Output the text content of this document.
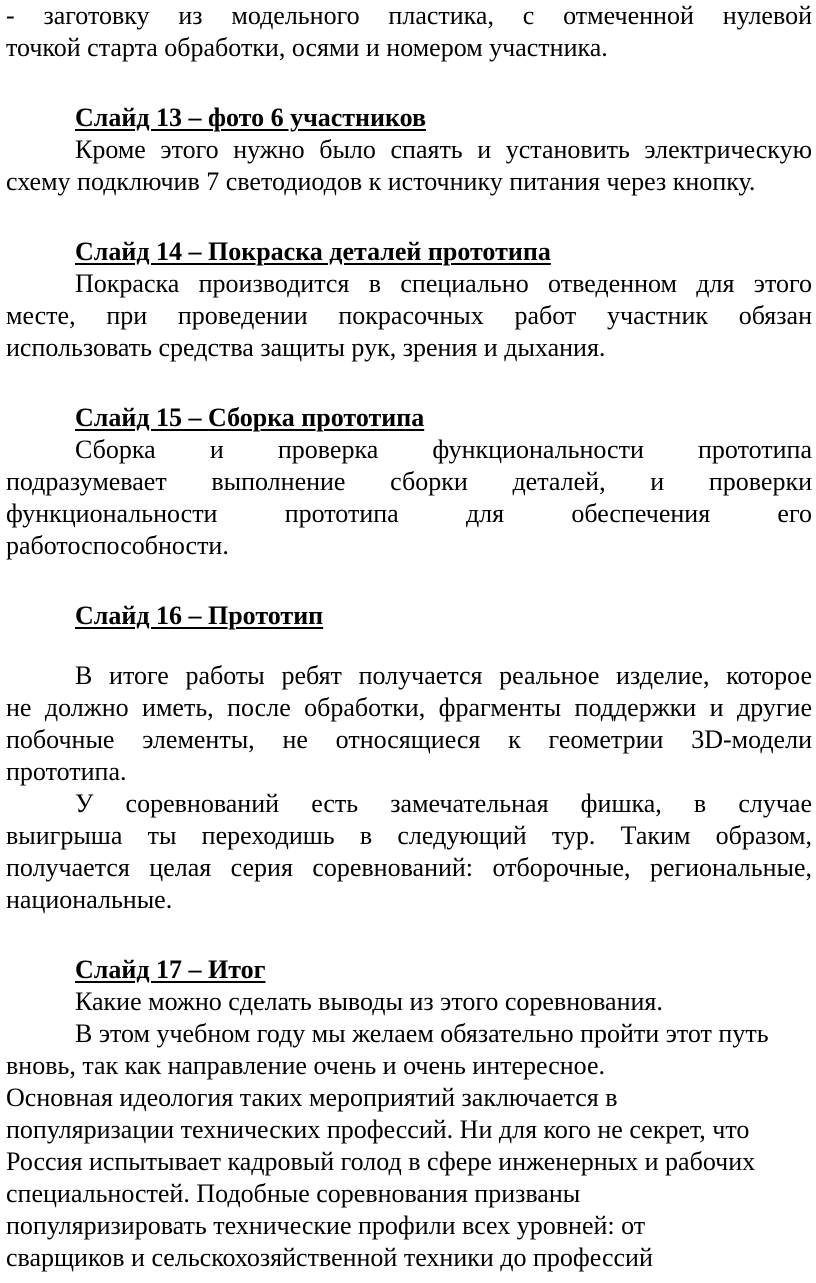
- заготовку из модельного пластика, с отмеченной нулевой
точкой старта обработки, осями и номером участника.
Слайд 13 – фото 6 участников
Кроме этого нужно было спаять и установить электрическую
схему подключив 7 светодиодов к источнику питания через кнопку.
Слайд 14 – Покраска деталей прототипа
Покраска производится в специально отведенном для этого
месте, при проведении покрасочных работ участник обязан
использовать средства защиты рук, зрения и дыхания.
Слайд 15 – Сборка прототипа
Сборка и проверка функциональности прототипа
подразумевает выполнение сборки деталей, и проверки
функциональности прототипа для обеспечения его
работоспособности.
Слайд 16 – Прототип
В итоге работы ребят получается реальное изделие, которое
не должно иметь, после обработки, фрагменты поддержки и другие
побочные элементы, не относящиеся к геометрии 3D-модели
прототипа.
У соревнований есть замечательная фишка, в случае
выигрыша ты переходишь в следующий тур. Таким образом,
получается целая серия соревнований: отборочные, региональные,
национальные.
Слайд 17 – Итог
Какие можно сделать выводы из этого соревнования.
В этом учебном году мы желаем обязательно пройти этот путь
вновь, так как направление очень и очень интересное.
Основная идеология таких мероприятий заключается в
популяризации технических профессий. Ни для кого не секрет, что
Россия испытывает кадровый голод в сфере инженерных и рабочих
специальностей. Подобные соревнования призваны
популяризировать технические профили всех уровней: от
сварщиков и сельскохозяйственной техники до профессий
